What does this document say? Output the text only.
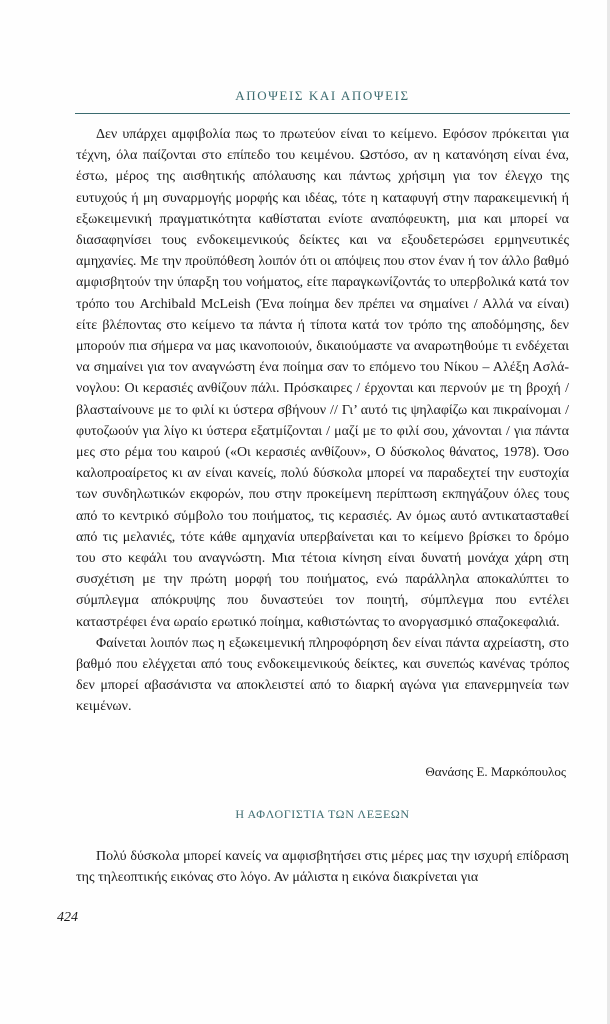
ΑΠΟΨΕΙΣ ΚΑΙ ΑΠΟΨΕΙΣ

Δεν υπάρχει αμφιβολία πως το πρωτεύον είναι το κείμενο. Εφόσον πρόκειται για τέχνη, όλα παίζονται στο επίπεδο του κειμένου. Ωστόσο, αν η κατανόηση είναι ένα, έστω, μέρος της αισθητικής απόλαυσης και πάντως χρήσιμη για τον έλεγχο της ευτυχούς ή μη συναρμογής μορφής και ιδέας, τότε η καταφυγή στην παρακειμενική ή εξωκειμενική πραγματικότητα καθίσταται ενίοτε αναπόφευκτη, μια και μπορεί να διασαφηνίσει τους ενδοκειμενικούς δείκτες και να εξουδετερώσει ερμηνευτικές αμηχανίες. Με την προϋπόθεση λοιπόν ότι οι απόψεις που στον έναν ή τον άλλο βαθμό αμφισβητούν την ύπαρξη του νοήματος, είτε παραγκωνίζοντάς το υπερβολικά κατά τον τρόπο του Archibald McLeish (Ένα ποίημα δεν πρέπει να σημαίνει / Αλλά να είναι) είτε βλέποντας στο κείμενο τα πάντα ή τίποτα κατά τον τρόπο της αποδόμησης, δεν μπορούν πια σήμερα να μας ικανοποιούν, δικαιούμαστε να αναρωτηθούμε τι ενδέχεται να σημαίνει για τον αναγνώστη ένα ποίημα σαν το επόμενο του Νίκου – Αλέξη Ασλάνογλου: Οι κερασιές ανθίζουν πάλι. Πρόσκαιρες / έρχονται και περνούν με τη βροχή / βλασταίνουνε με το φιλί κι ύστερα σβήνουν // Γι’ αυτό τις ψηλαφίζω και πικραίνομαι / φυτοζωούν για λίγο κι ύστερα εξατμίζονται / μαζί με το φιλί σου, χάνονται / για πάντα μες στο ρέμα του καιρού («Οι κερασιές ανθίζουν», Ο δύσκολος θάνατος, 1978). Όσο καλοπροαίρετος κι αν είναι κανείς, πολύ δύσκολα μπορεί να παραδεχτεί την ευστοχία των συνδηλωτικών εκφορών, που στην προκείμενη περίπτωση εκπηγάζουν όλες τους από το κεντρικό σύμβολο του ποιήματος, τις κερασιές. Αν όμως αυτό αντικατασταθεί από τις μελανιές, τότε κάθε αμηχανία υπερβαίνεται και το κείμενο βρίσκει το δρόμο του στο κεφάλι του αναγνώστη. Μια τέτοια κίνηση είναι δυνατή μονάχα χάρη στη συσχέτιση με την πρώτη μορφή του ποιήματος, ενώ παράλληλα αποκαλύπτει το σύμπλεγμα απόκρυψης που δυναστεύει τον ποιητή, σύμπλεγμα που εντέλει καταστρέφει ένα ωραίο ερωτικό ποίημα, καθιστώντας το ανοργασμικό σπαζοκεφαλιά.

Φαίνεται λοιπόν πως η εξωκειμενική πληροφόρηση δεν είναι πάντα αχρείαστη, στο βαθμό που ελέγχεται από τους ενδοκειμενικούς δείκτες, και συνεπώς κανένας τρόπος δεν μπορεί αβασάνιστα να αποκλειστεί από το διαρκή αγώνα για επανερμηνεία των κειμένων.

Θανάσης Ε. Μαρκόπουλος
Η ΑΦΛΟΓΙΣΤΙΑ ΤΩΝ ΛΕΞΕΩΝ

Πολύ δύσκολα μπορεί κανείς να αμφισβητήσει στις μέρες μας την ισχυρή επίδραση της τηλεοπτικής εικόνας στο λόγο. Αν μάλιστα η εικόνα διακρίνεται για

424
